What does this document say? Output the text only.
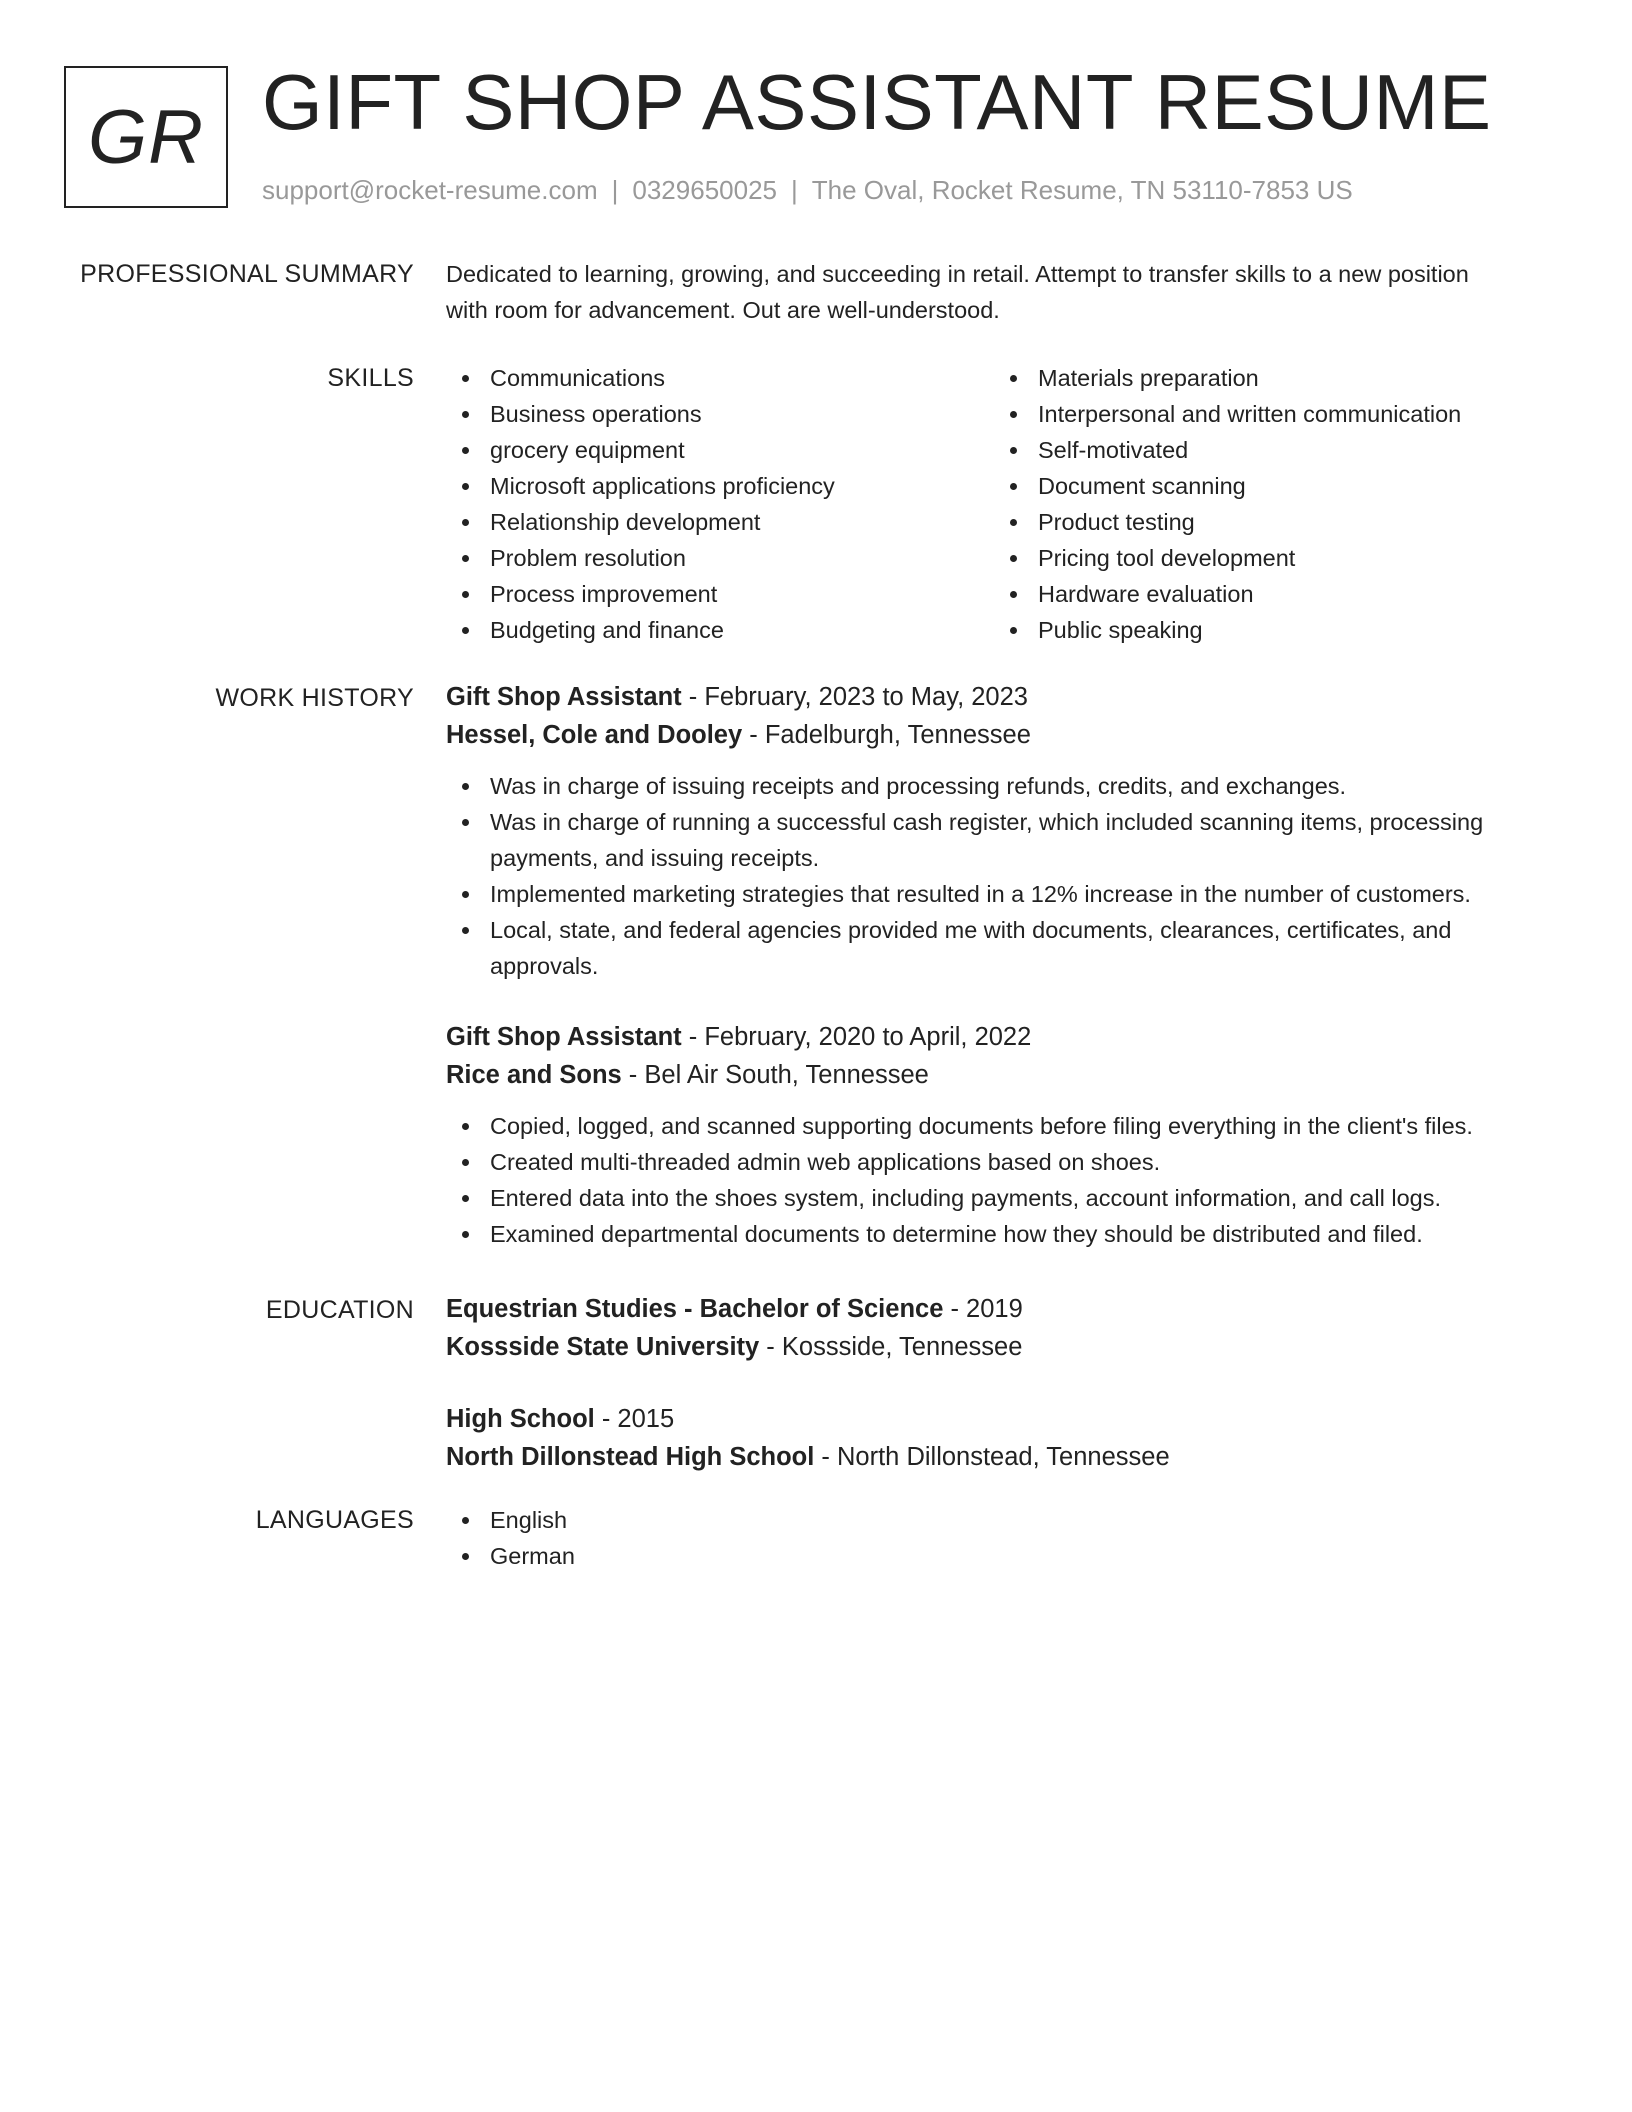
GR GIFT SHOP ASSISTANT RESUME
support@rocket-resume.com | 0329650025 | The Oval, Rocket Resume, TN 53110-7853 US
PROFESSIONAL SUMMARY Dedicated to learning, growing, and succeeding in retail. Attempt to transfer skills to a new position
with room for advancement. Out are well-understood.
SKILLS	Communications
Business operations
grocery equipment
Microsoft applications proficiency
Relationship development
Problem resolution
Process improvement
Budgeting and finance
Materials preparation
Interpersonal and written communication
Self-motivated
Document scanning
Product testing
Pricing tool development
Hardware evaluation
Public speaking
WORK HISTORY Gift Shop Assistant - February, 2023 to May, 2023
Hessel, Cole and Dooley - Fadelburgh, Tennessee
Was in charge of issuing receipts and processing refunds, credits, and exchanges.
Was in charge of running a successful cash register, which included scanning items, processing payments, and issuing receipts.
Implemented marketing strategies that resulted in a 12% increase in the number of customers.
Local, state, and federal agencies provided me with documents, clearances, certificates, and approvals.
Gift Shop Assistant - February, 2020 to April, 2022
Rice and Sons - Bel Air South, Tennessee
Copied, logged, and scanned supporting documents before filing everything in the client's files.
Created multi-threaded admin web applications based on shoes.
Entered data into the shoes system, including payments, account information, and call logs.
Examined departmental documents to determine how they should be distributed and filed.
EDUCATION Equestrian Studies - Bachelor of Science - 2019
Kossside State University - Kossside, Tennessee
High School - 2015
North Dillonstead High School - North Dillonstead, Tennessee
LANGUAGES	English
German
